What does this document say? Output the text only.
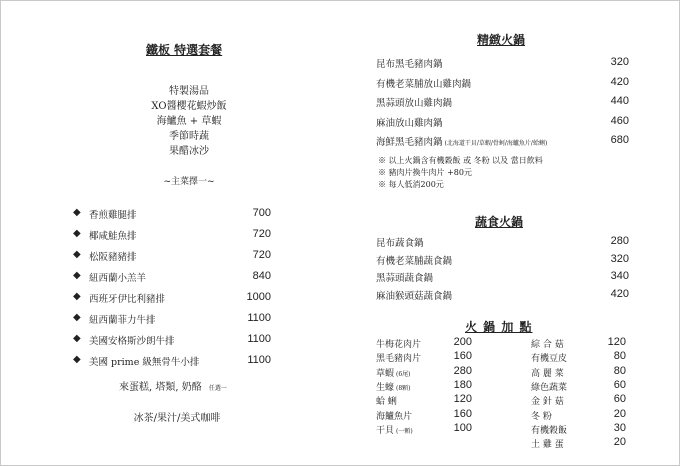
鐵板 特選套餐
特製湯品
XO醬櫻花蝦炒飯
海鱸魚 + 草蝦
季節時蔬
果醋冰沙
~主菜擇一~
◆ 香煎雞腿排	700
◆ 椰咸鮭魚排	720
◆ 松阪豬豬排	720
◆ 紐西蘭小羔羊	840
◆ 西班牙伊比利豬排	1000
◆ 紐西蘭菲力牛排	1100
◆ 美國安格斯沙朗牛排	1100
◆ 美國 prime 級無骨牛小排	1100
來蛋糕, 塔類, 奶酪 任選一
冰茶/果汁/美式咖啡
精緻火鍋
昆布黑毛豬肉鍋	320
有機老菜脯放山雞肉鍋	420
黑蒜頭放山雞肉鍋	440
麻油放山雞肉鍋	460
海鮮黑毛豬肉鍋 (北海道干貝/草蝦/骨蚵/海鱸魚片/蛤蜊)	680
※ 以上火鍋含有機穀飯 或 冬粉 以及 當日飲料
※ 豬肉片換牛肉片 +80元
※ 每人低消200元
蔬食火鍋
昆布蔬食鍋	280
有機老菜脯蔬食鍋	320
黑蒜頭蔬食鍋	340
麻油猴頭菇蔬食鍋	420
火 鍋 加 點
牛梅花肉片	200
黑毛豬肉片	160
草蝦 (6尾)	280
生蠔 (8顆)	180
蛤 蜊	120
海鱸魚片	160
干貝 (一顆)	100
綜 合 菇	120
有機豆皮	80
高 麗 菜	80
綠色蔬菜	60
金 針 菇	60
冬 粉	20
有機穀飯	30
土 雞 蛋	20
